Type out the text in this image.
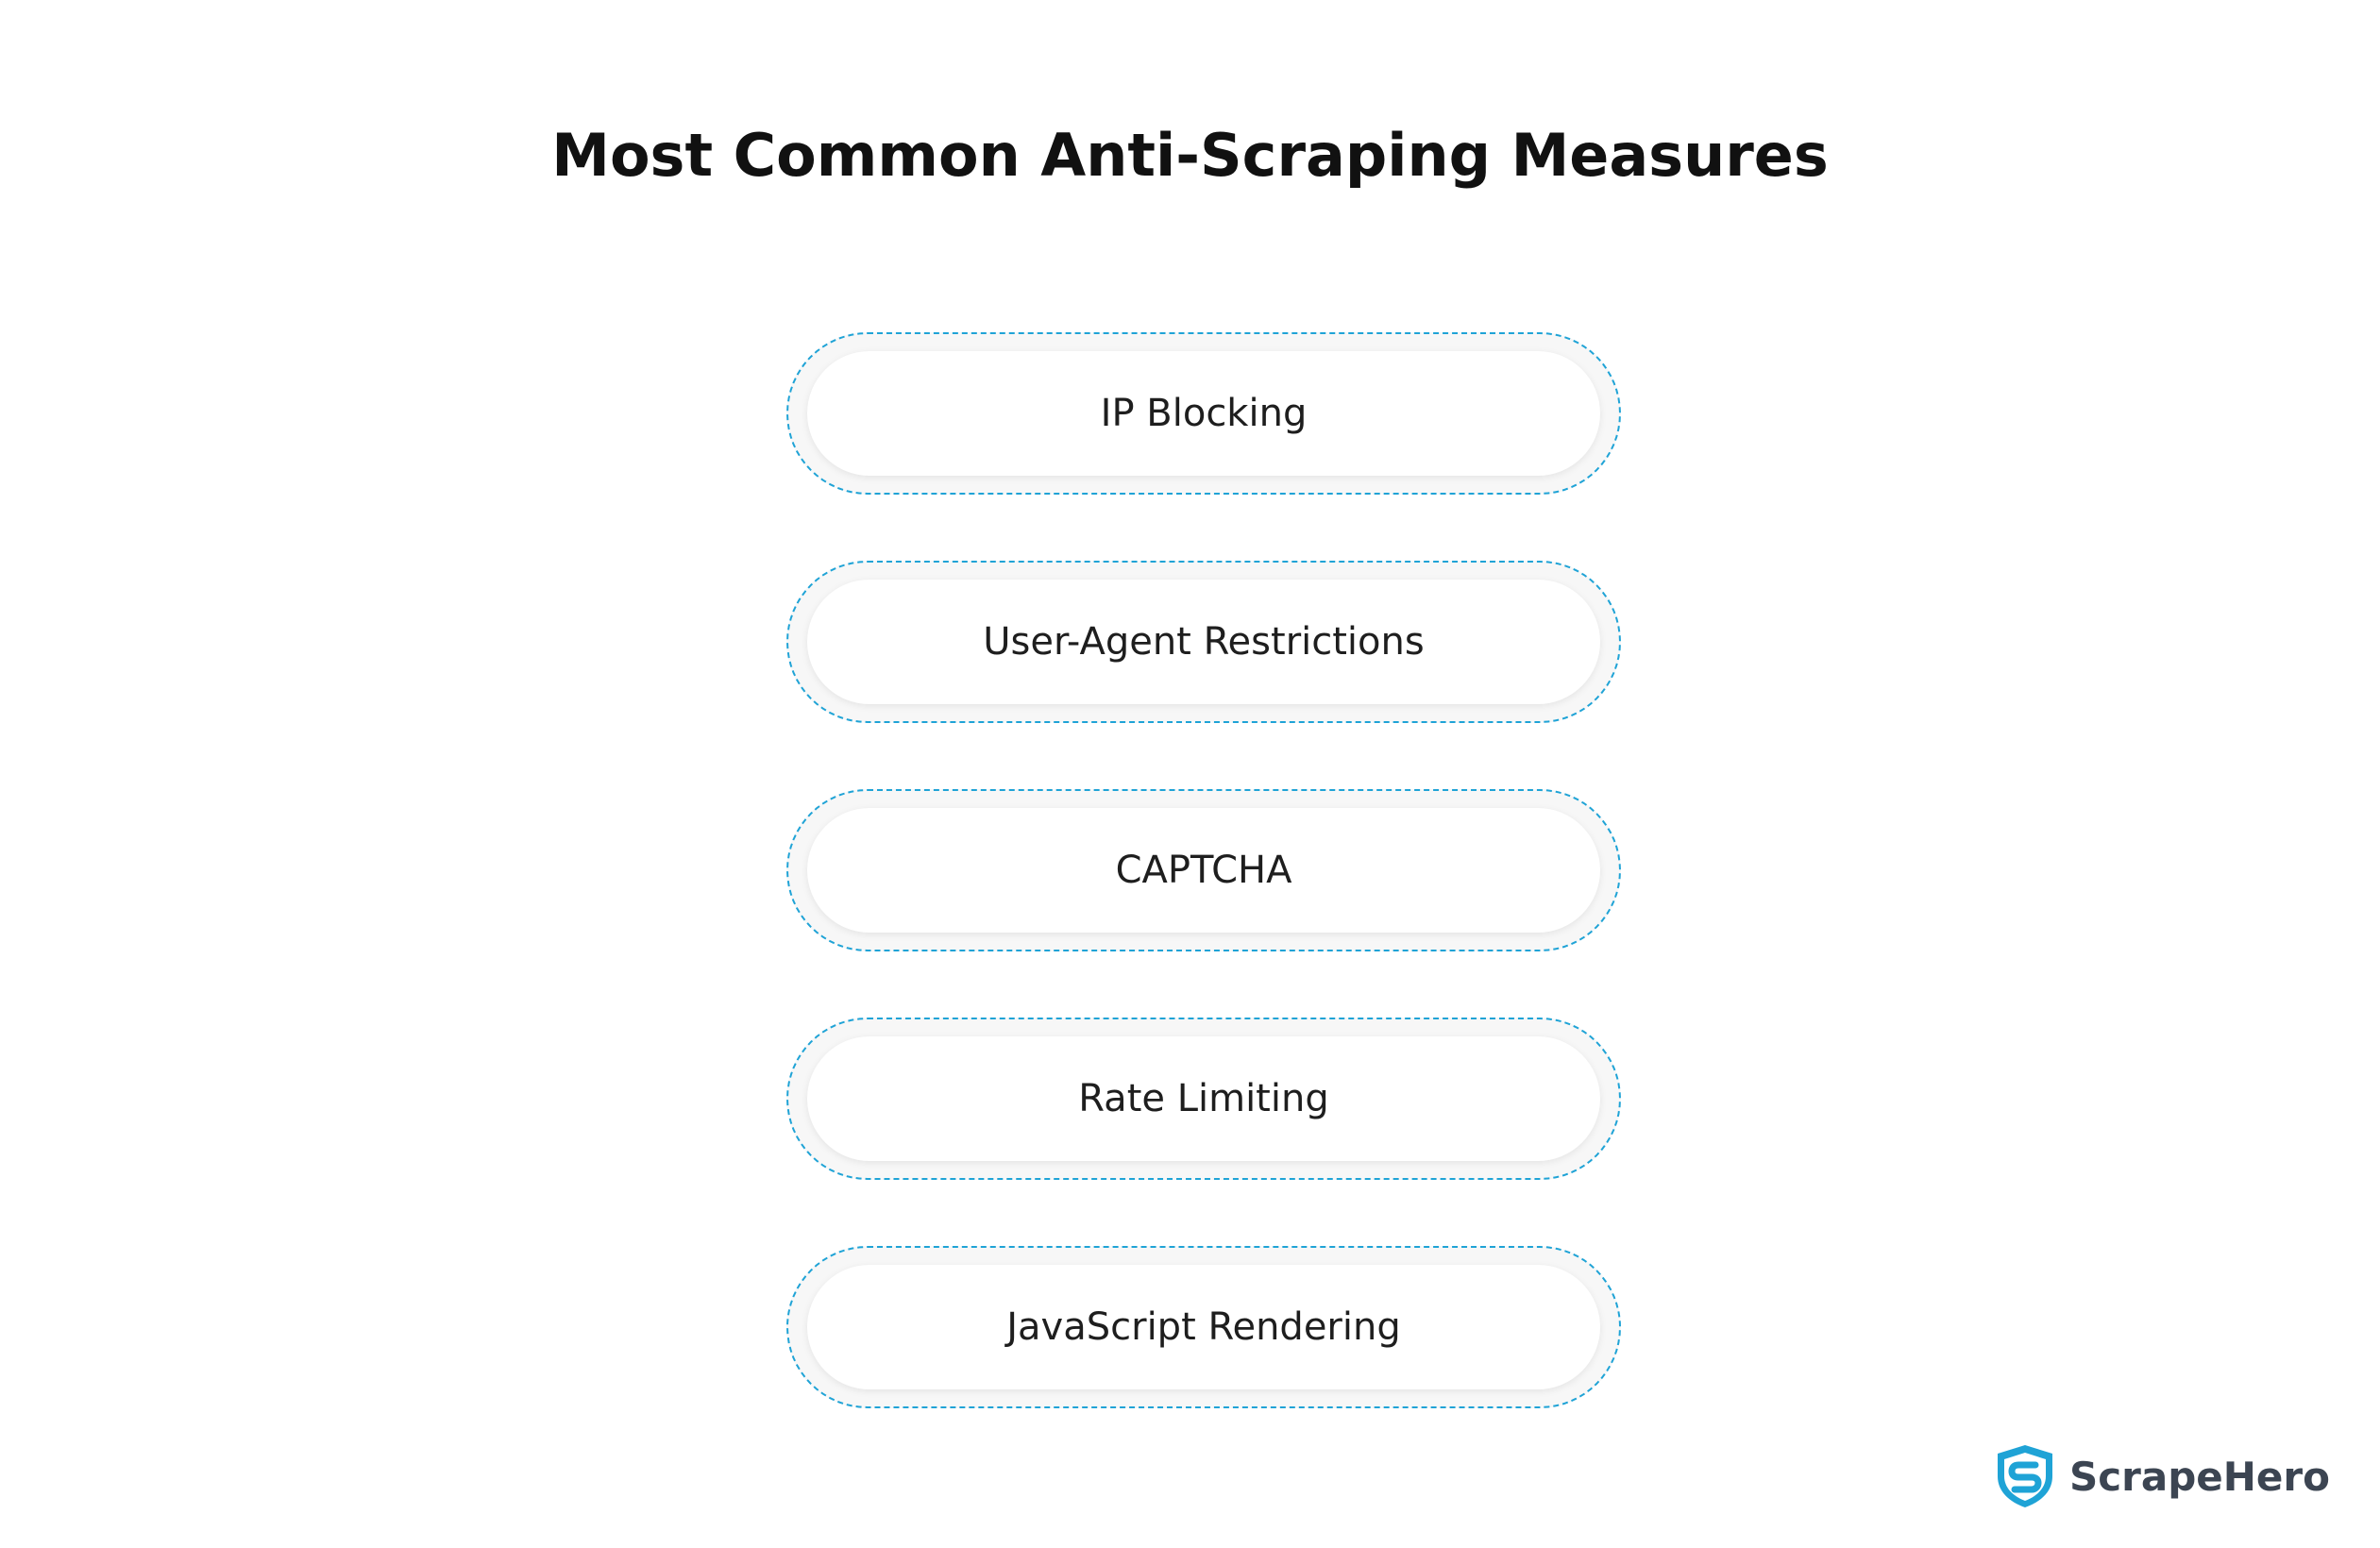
Most Common Anti-Scraping Measures
IP Blocking
User-Agent Restrictions
CAPTCHA
Rate Limiting
JavaScript Rendering
ScrapeHero
